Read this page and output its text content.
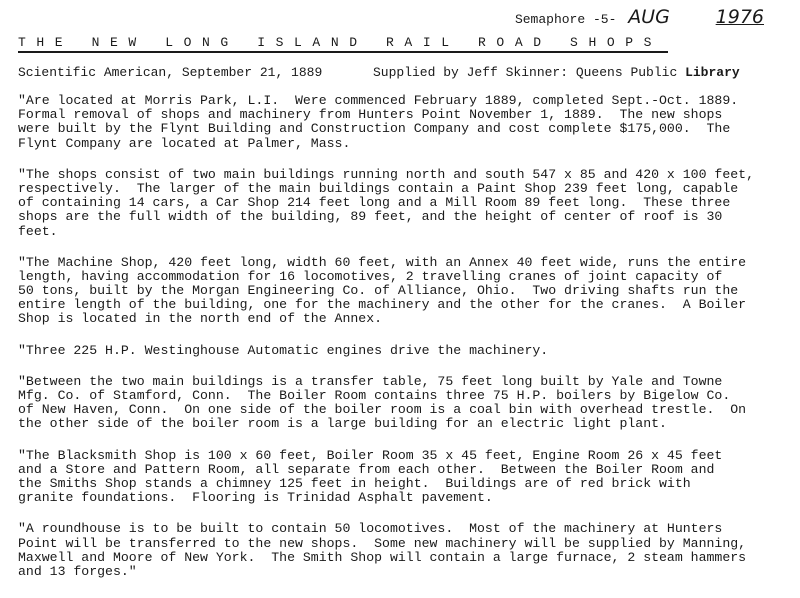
Semaphore -5- AUG 1976
THE NEW LONG ISLAND RAIL ROAD SHOPS
Scientific American, September 21, 1889	Supplied by Jeff Skinner: Queens Public Library
"Are located at Morris Park, L.I.  Were commenced February 1889, completed Sept.-Oct. 1889.
Formal removal of shops and machinery from Hunters Point November 1, 1889.  The new shops
were built by the Flynt Building and Construction Company and cost complete $175,000.  The
Flynt Company are located at Palmer, Mass.
"The shops consist of two main buildings running north and south 547 x 85 and 420 x 100 feet,
respectively.  The larger of the main buildings contain a Paint Shop 239 feet long, capable
of containing 14 cars, a Car Shop 214 feet long and a Mill Room 89 feet long.  These three
shops are the full width of the building, 89 feet, and the height of center of roof is 30
feet.
"The Machine Shop, 420 feet long, width 60 feet, with an Annex 40 feet wide, runs the entire
length, having accommodation for 16 locomotives, 2 travelling cranes of joint capacity of
50 tons, built by the Morgan Engineering Co. of Alliance, Ohio.  Two driving shafts run the
entire length of the building, one for the machinery and the other for the cranes.  A Boiler
Shop is located in the north end of the Annex.
"Three 225 H.P. Westinghouse Automatic engines drive the machinery.
"Between the two main buildings is a transfer table, 75 feet long built by Yale and Towne
Mfg. Co. of Stamford, Conn.  The Boiler Room contains three 75 H.P. boilers by Bigelow Co.
of New Haven, Conn.  On one side of the boiler room is a coal bin with overhead trestle.  On
the other side of the boiler room is a large building for an electric light plant.
"The Blacksmith Shop is 100 x 60 feet, Boiler Room 35 x 45 feet, Engine Room 26 x 45 feet
and a Store and Pattern Room, all separate from each other.  Between the Boiler Room and
the Smiths Shop stands a chimney 125 feet in height.  Buildings are of red brick with
granite foundations.  Flooring is Trinidad Asphalt pavement.
"A roundhouse is to be built to contain 50 locomotives.  Most of the machinery at Hunters
Point will be transferred to the new shops.  Some new machinery will be supplied by Manning,
Maxwell and Moore of New York.  The Smith Shop will contain a large furnace, 2 steam hammers
and 13 forges."
